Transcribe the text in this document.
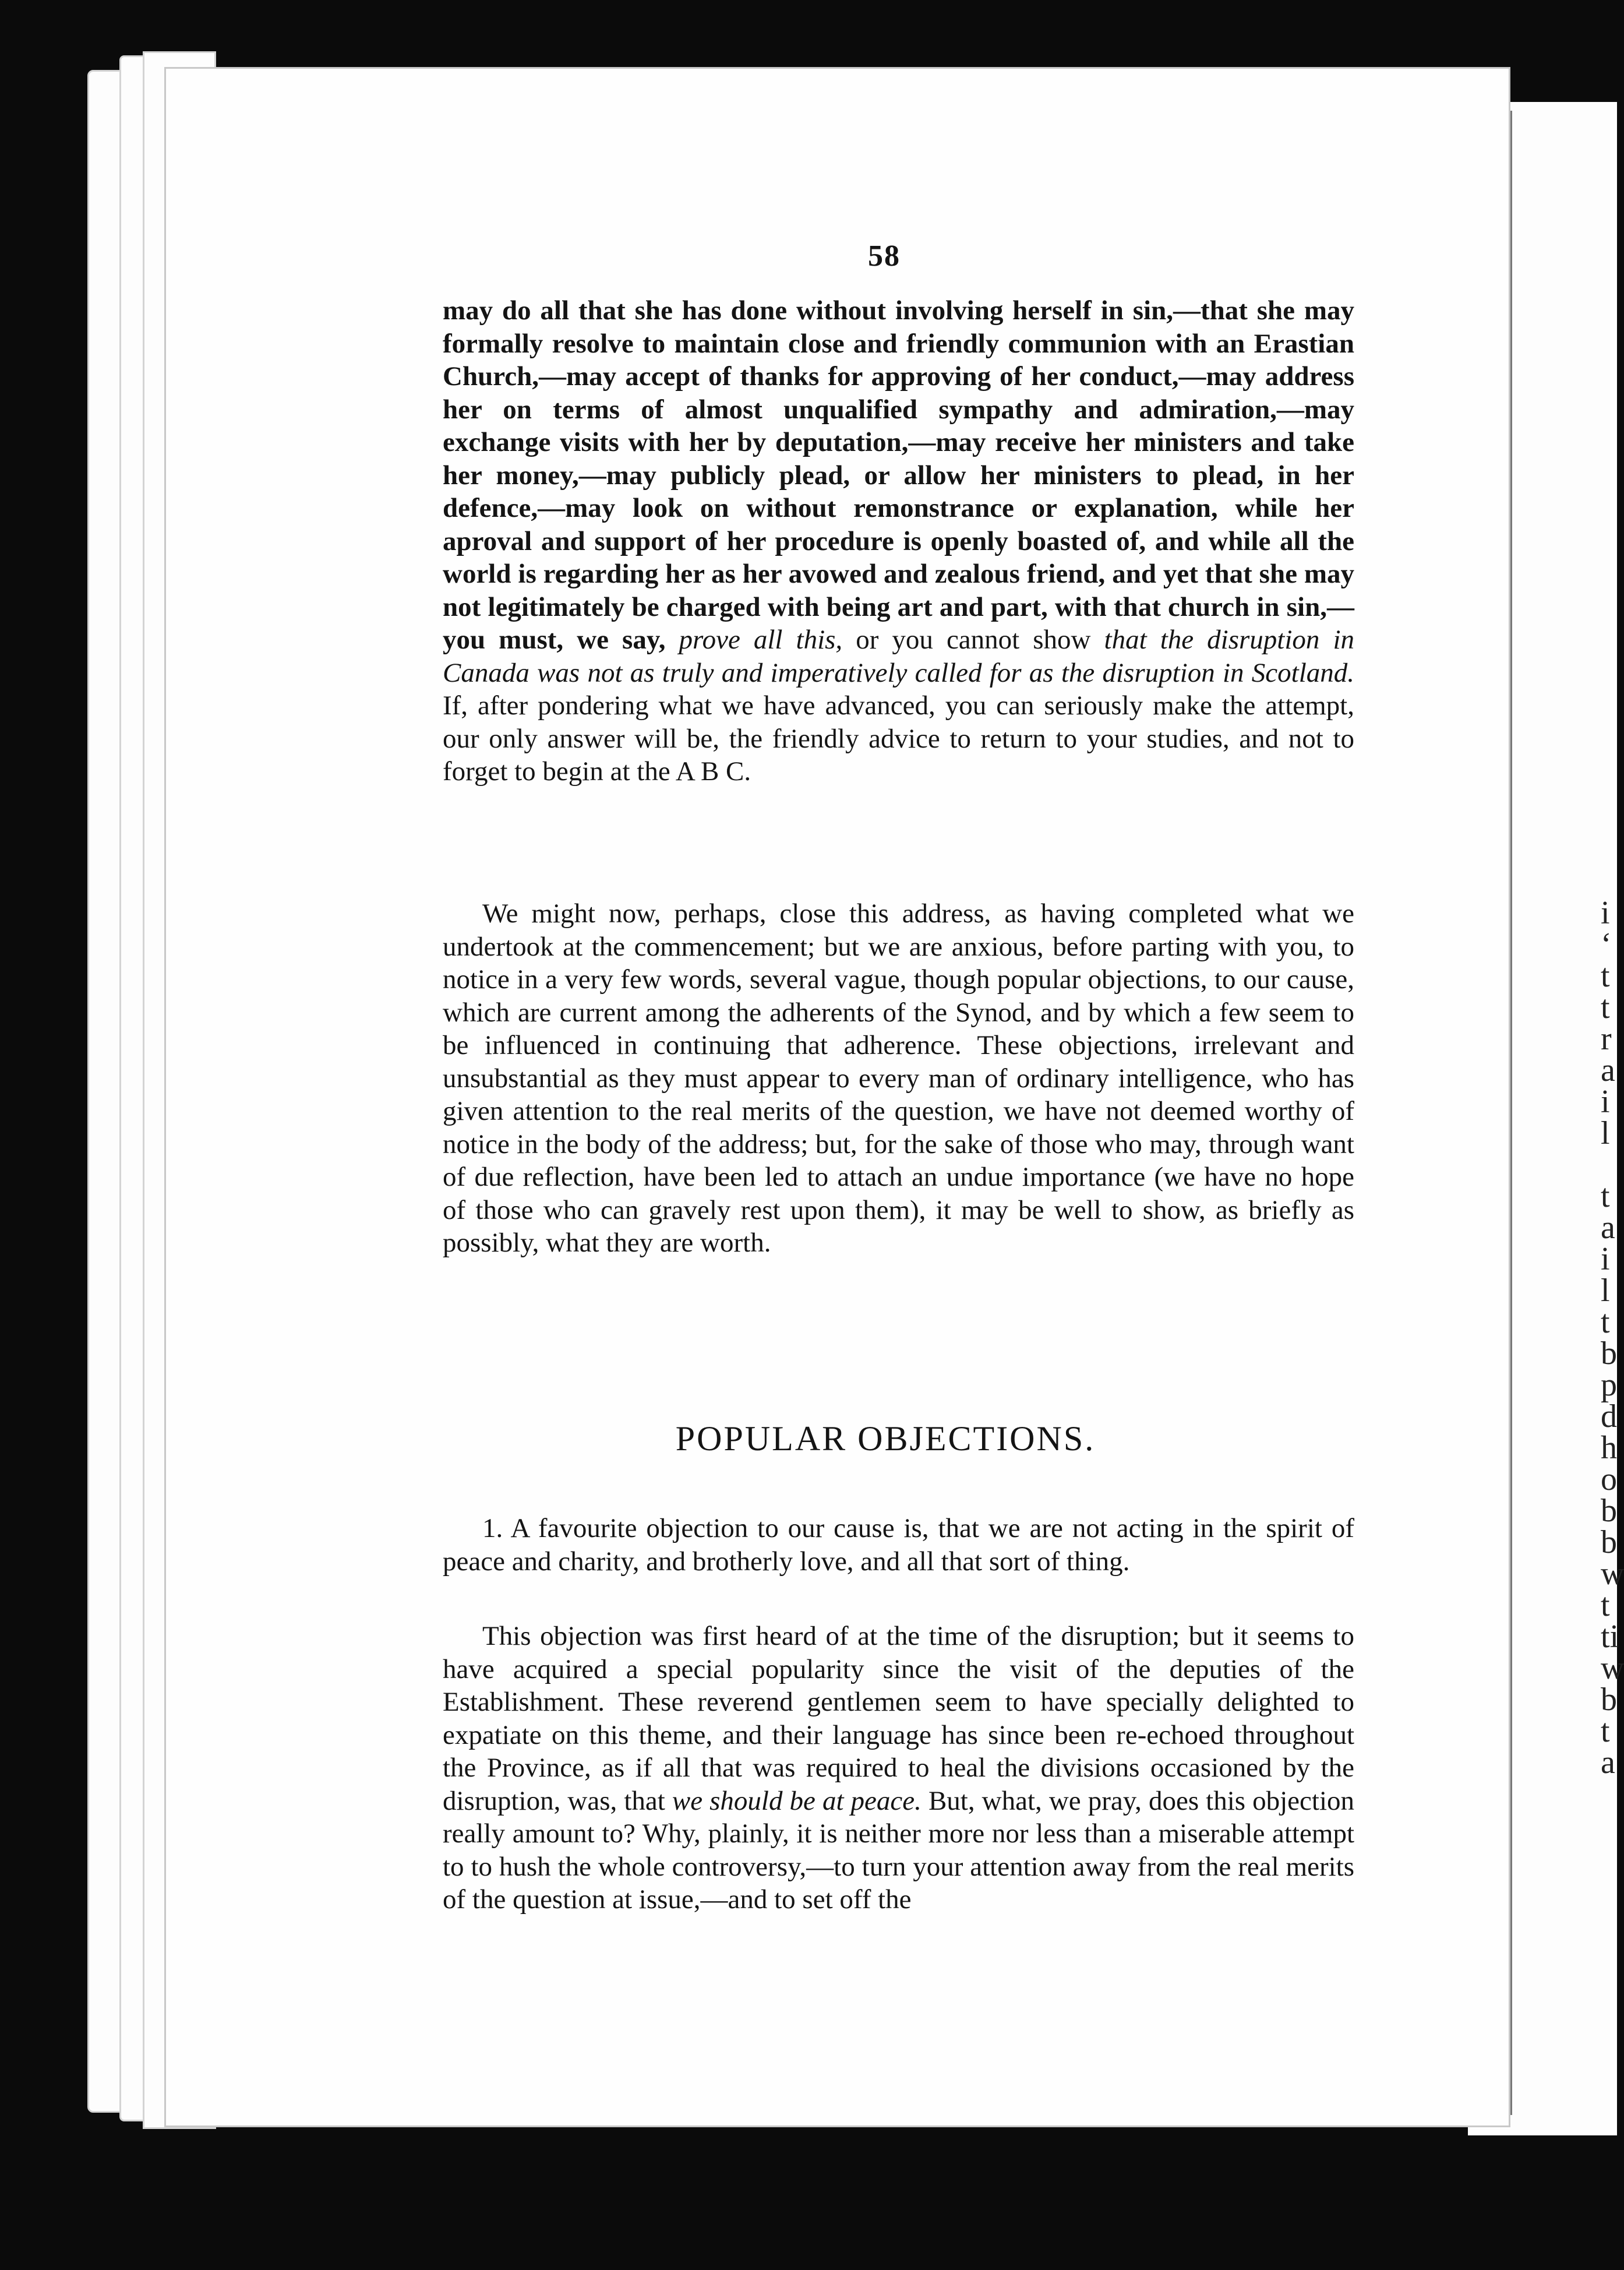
i
‘
t
t
r
a
i
l

t
a
i
l
t
b
p
d
h
o
b
b
w
t
ti
w
b
t
a
58

may do all that she has done without involving herself in sin,—that she may formally resolve to maintain close and friendly communion with an Erastian Church,—may accept of thanks for approving of her conduct,—may address her on terms of almost unqualified sympathy and admiration,—may exchange visits with her by deputation,—may receive her ministers and take her money,—may publicly plead, or allow her ministers to plead, in her defence,—may look on without remonstrance or explanation, while her aproval and support of her procedure is openly boasted of, and while all the world is regarding her as her avowed and zealous friend, and yet that she may not legitimately be charged with being art and part, with that church in sin,—you must, we say, prove all this, or you cannot show that the disruption in Canada was not as truly and imperatively called for as the disruption in Scotland. If, after pondering what we have advanced, you can seriously make the attempt, our only answer will be, the friendly advice to return to your studies, and not to forget to begin at the A B C.

We might now, perhaps, close this address, as having completed what we undertook at the commencement; but we are anxious, before parting with you, to notice in a very few words, several vague, though popular objections, to our cause, which are current among the adherents of the Synod, and by which a few seem to be influenced in continuing that adherence. These objections, irrelevant and unsubstantial as they must appear to every man of ordinary intelligence, who has given attention to the real merits of the question, we have not deemed worthy of notice in the body of the address; but, for the sake of those who may, through want of due reflection, have been led to attach an undue importance (we have no hope of those who can gravely rest upon them), it may be well to show, as briefly as possibly, what they are worth.

POPULAR OBJECTIONS.

1. A favourite objection to our cause is, that we are not acting in the spirit of peace and charity, and brotherly love, and all that sort of thing.

This objection was first heard of at the time of the disruption; but it seems to have acquired a special popularity since the visit of the deputies of the Establishment. These reverend gentlemen seem to have specially delighted to expatiate on this theme, and their language has since been re-echoed throughout the Province, as if all that was required to heal the divisions occasioned by the disruption, was, that we should be at peace. But, what, we pray, does this objection really amount to? Why, plainly, it is neither more nor less than a miserable attempt to to hush the whole controversy,—to turn your attention away from the real merits of the question at issue,—and to set off the
